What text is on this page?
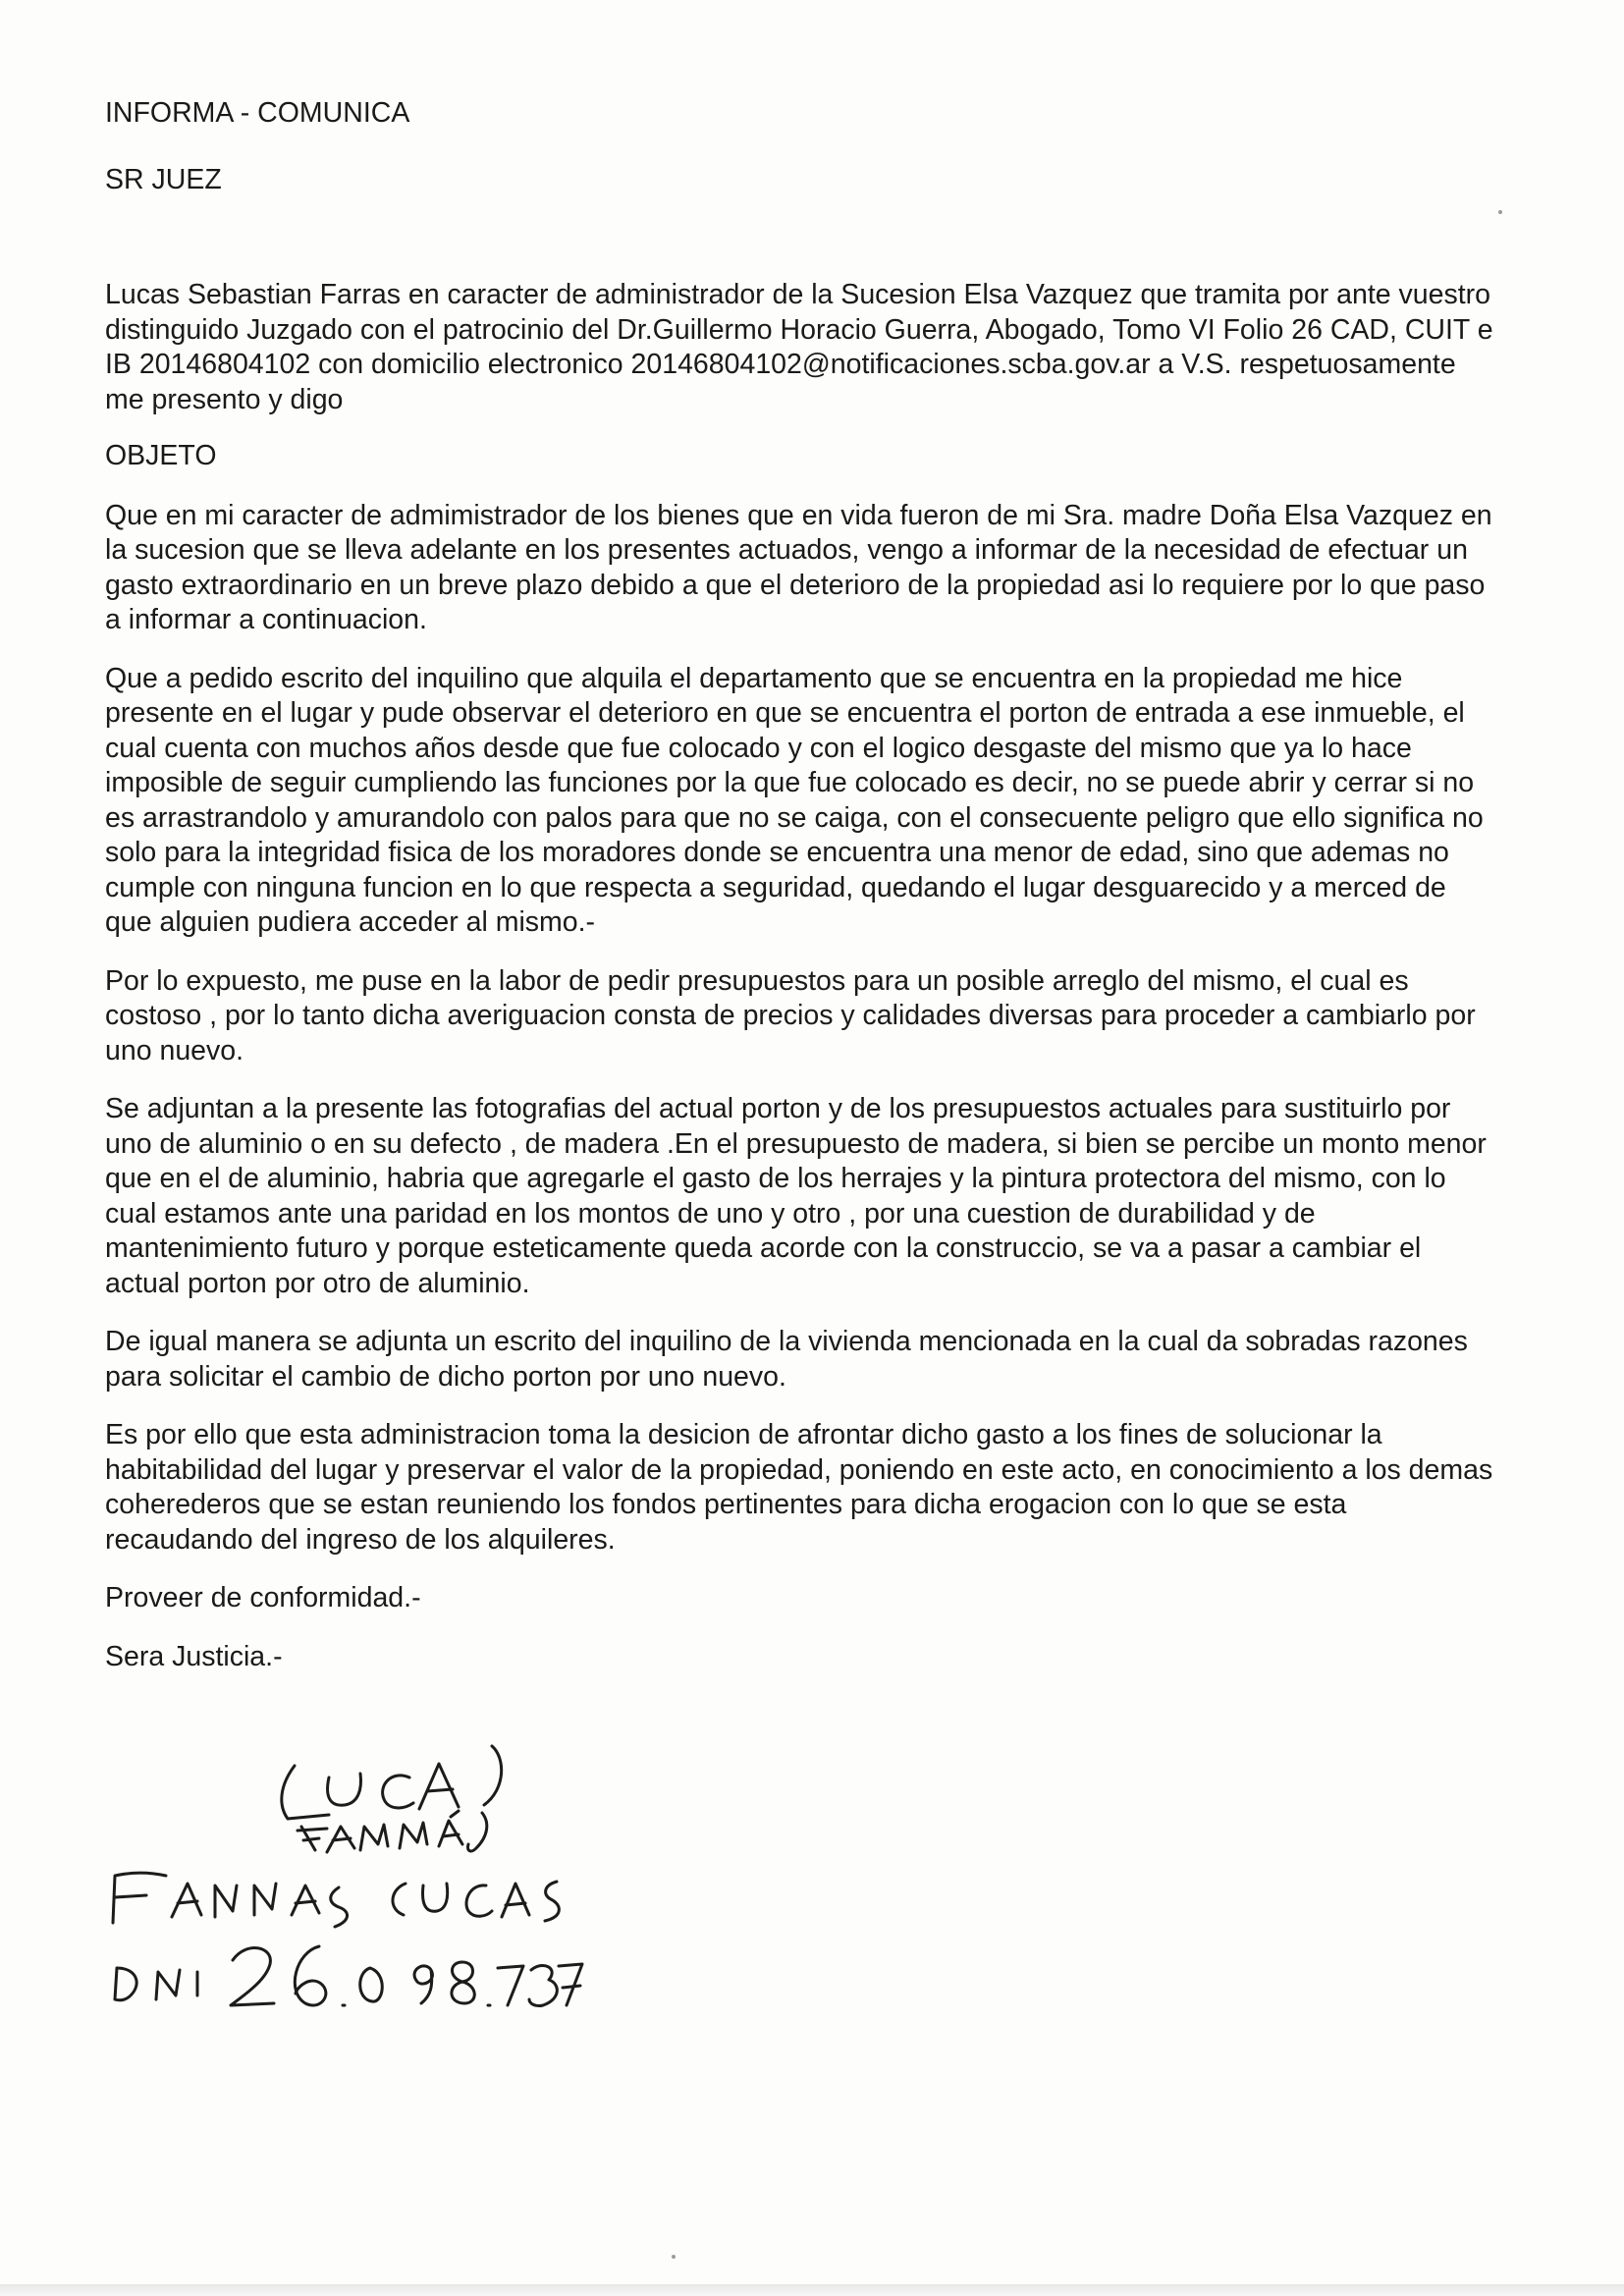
INFORMA - COMUNICA

SR JUEZ

Lucas Sebastian Farras en caracter de administrador de la Sucesion Elsa Vazquez que tramita por ante vuestro distinguido Juzgado con el patrocinio del Dr.Guillermo Horacio Guerra, Abogado, Tomo VI Folio 26 CAD, CUIT e IB 20146804102 con domicilio electronico 20146804102@notificaciones.scba.gov.ar a V.S. respetuosamente me presento y digo

OBJETO

Que en mi caracter de admimistrador de los bienes que en vida fueron de mi Sra. madre Doña Elsa Vazquez en la sucesion que se lleva adelante en los presentes actuados, vengo a informar de la necesidad de efectuar un gasto extraordinario en un breve plazo debido a que el deterioro de la propiedad asi lo requiere por lo que paso a informar a continuacion.

Que a pedido escrito del inquilino que alquila el departamento que se encuentra en la propiedad me hice presente en el lugar y pude observar el deterioro en que se encuentra el porton de entrada a ese inmueble, el cual cuenta con muchos años desde que fue colocado y con el logico desgaste del mismo que ya lo hace imposible de seguir cumpliendo las funciones por la que fue colocado es decir, no se puede abrir y cerrar si no es arrastrandolo y amurandolo con palos para que no se caiga, con el consecuente peligro que ello significa no solo para la integridad fisica de los moradores donde se encuentra una menor de edad, sino que ademas no cumple con ninguna funcion en lo que respecta a seguridad, quedando el lugar desguarecido y a merced de que alguien pudiera acceder al mismo.-

Por lo expuesto, me puse en la labor de pedir presupuestos para un posible arreglo del mismo, el cual es costoso , por lo tanto dicha averiguacion consta de precios y calidades diversas para proceder a cambiarlo por uno nuevo.

Se adjuntan a la presente las fotografias del actual porton y de los presupuestos actuales para sustituirlo por uno de aluminio o en su defecto , de madera .En el presupuesto de madera, si bien se percibe un monto menor que en el de aluminio, habria que agregarle el gasto de los herrajes y la pintura protectora del mismo, con lo cual estamos ante una paridad en los montos de uno y otro , por una cuestion de durabilidad y de mantenimiento futuro y porque esteticamente queda acorde con la construccio, se va a pasar a cambiar el actual porton por otro de aluminio.

De igual manera se adjunta un escrito del inquilino de la vivienda mencionada en la cual da sobradas razones para solicitar el cambio de dicho porton por uno nuevo.

Es por ello que esta administracion toma la desicion de afrontar dicho gasto a los fines de solucionar la habitabilidad del lugar y preservar el valor de la propiedad, poniendo en este acto, en conocimiento a los demas coherederos que se estan reuniendo los fondos pertinentes para dicha erogacion con lo que se esta recaudando del ingreso de los alquileres.

Proveer de conformidad.-

Sera Justicia.-
